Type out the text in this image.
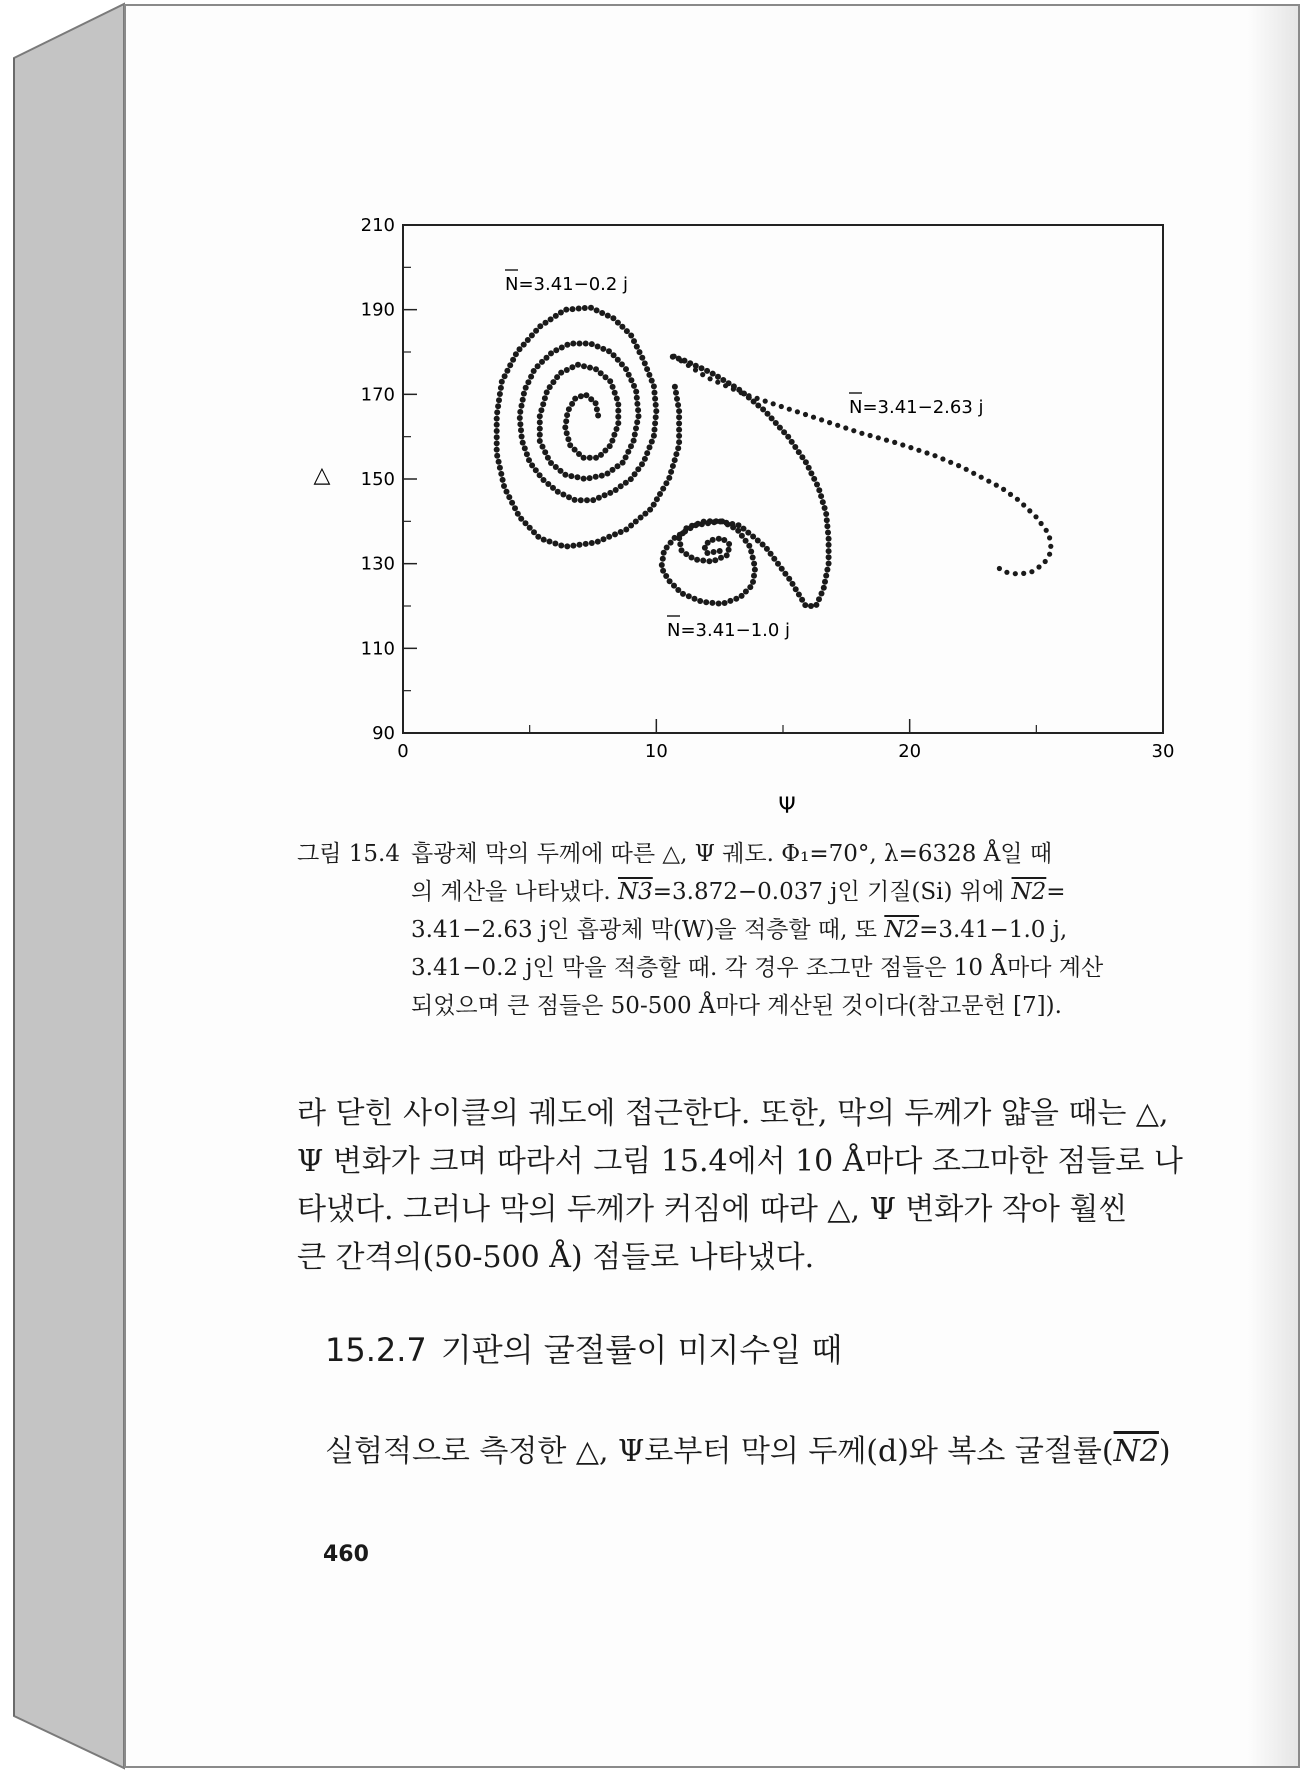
210
190
170
150
130
110
90
0	10	20	30
△
Ψ
N=3.41−0.2 j
N=3.41−2.63 j
N=3.41−1.0 j
그림 15.4 흡광체 막의 두께에 따른 △, Ψ 궤도. Φ₁=70°, λ=6328 Å일 때
의 계산을 나타냈다. N3=3.872−0.037 j인 기질(Si) 위에 N2=
3.41−2.63 j인 흡광체 막(W)을 적층할 때, 또 N2=3.41−1.0 j,
3.41−0.2 j인 막을 적층할 때. 각 경우 조그만 점들은 10 Å마다 계산
되었으며 큰 점들은 50-500 Å마다 계산된 것이다(참고문헌 [7]).
라 닫힌 사이클의 궤도에 접근한다. 또한, 막의 두께가 얇을 때는 △,
Ψ 변화가 크며 따라서 그림 15.4에서 10 Å마다 조그마한 점들로 나
타냈다. 그러나 막의 두께가 커짐에 따라 △, Ψ 변화가 작아 훨씬
큰 간격의(50-500 Å) 점들로 나타냈다.
15.2.7 기판의 굴절률이 미지수일 때
실험적으로 측정한 △, Ψ로부터 막의 두께(d)와 복소 굴절률(N2)
460
